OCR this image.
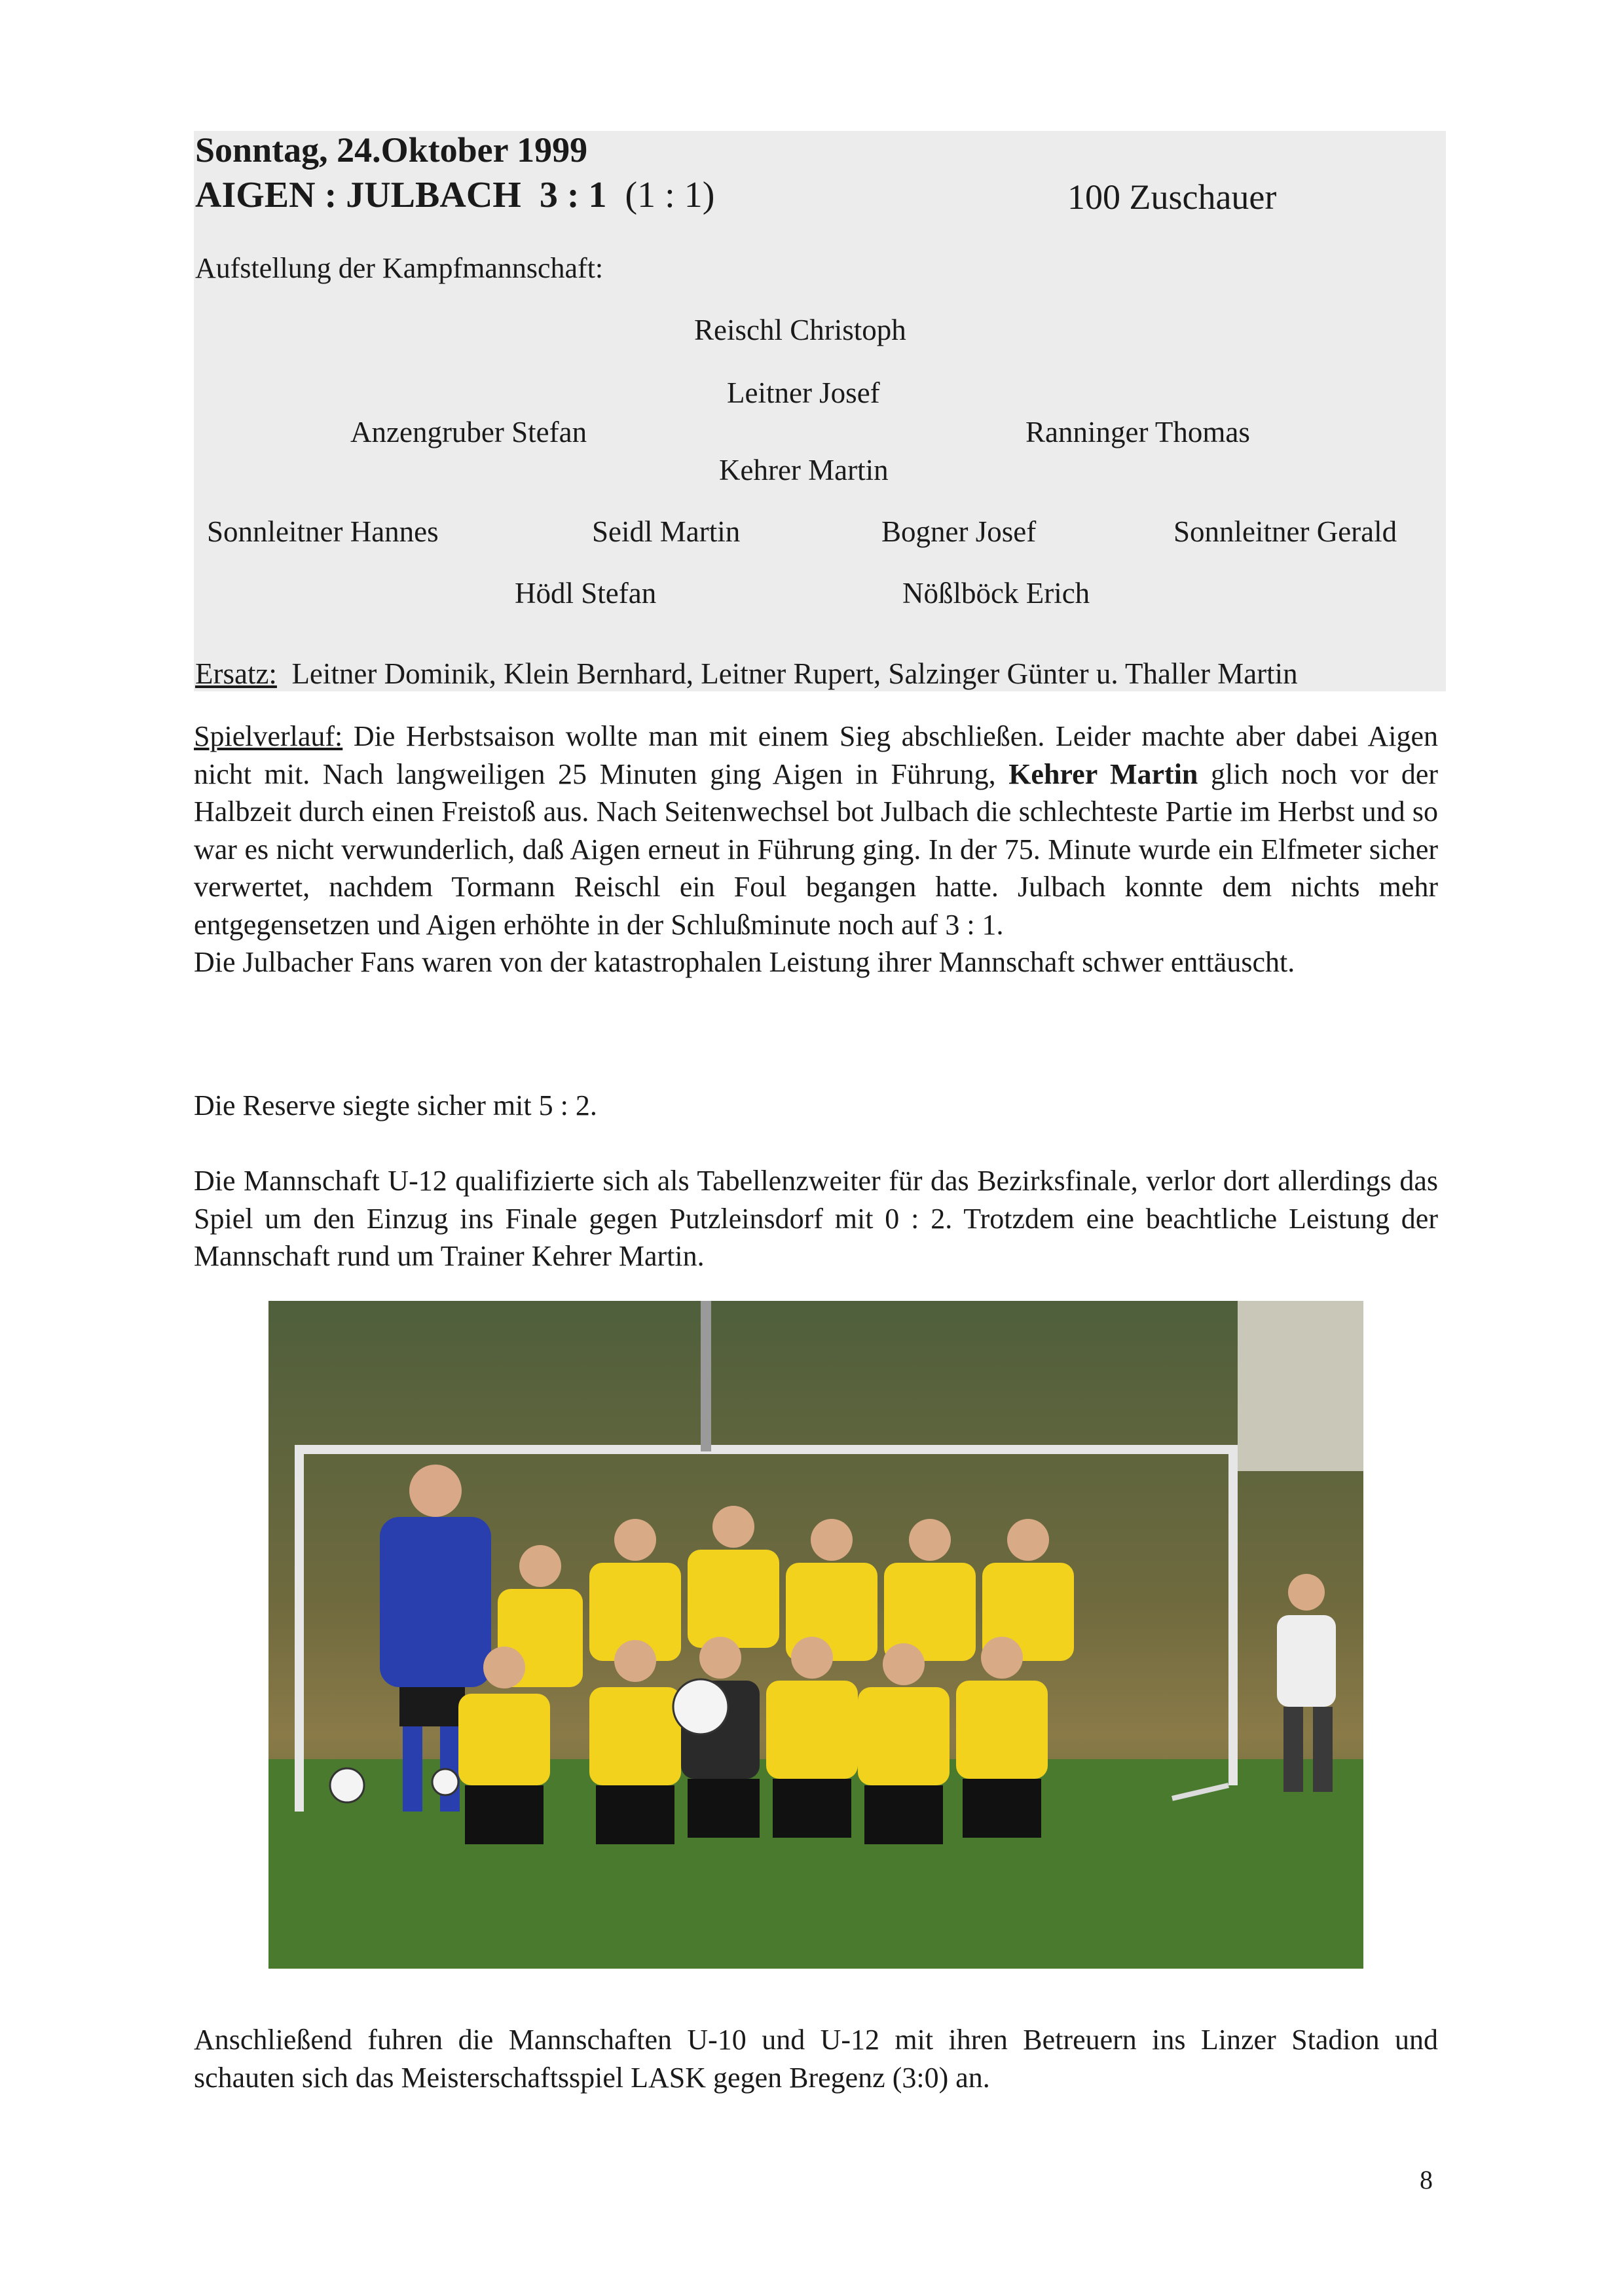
Sonntag, 24.Oktober 1999
AIGEN : JULBACH 3 : 1 (1 : 1)	100 Zuschauer
Aufstellung der Kampfmannschaft:
Reischl Christoph
Leitner Josef
Anzengruber Stefan	Ranninger Thomas
Kehrer Martin
Sonnleitner Hannes	Seidl Martin	Bogner Josef	Sonnleitner Gerald
Hödl Stefan	Nößlböck Erich
Ersatz: Leitner Dominik, Klein Bernhard, Leitner Rupert, Salzinger Günter u. Thaller Martin

Spielverlauf: Die Herbstsaison wollte man mit einem Sieg abschließen. Leider machte aber dabei Aigen nicht mit. Nach langweiligen 25 Minuten ging Aigen in Führung, Kehrer Martin glich noch vor der Halbzeit durch einen Freistoß aus. Nach Seitenwechsel bot Julbach die schlechteste Partie im Herbst und so war es nicht verwunderlich, daß Aigen erneut in Führung ging. In der 75. Minute wurde ein Elfmeter sicher verwertet, nachdem Tormann Reischl ein Foul begangen hatte. Julbach konnte dem nichts mehr entgegensetzen und Aigen erhöhte in der Schlußminute noch auf 3 : 1.
Die Julbacher Fans waren von der katastrophalen Leistung ihrer Mannschaft schwer enttäuscht.

Die Reserve siegte sicher mit 5 : 2.

Die Mannschaft U-12 qualifizierte sich als Tabellenzweiter für das Bezirksfinale, verlor dort allerdings das Spiel um den Einzug ins Finale gegen Putzleinsdorf mit 0 : 2. Trotzdem eine beachtliche Leistung der Mannschaft rund um Trainer Kehrer Martin.

Anschließend fuhren die Mannschaften U-10 und U-12 mit ihren Betreuern ins Linzer Stadion und schauten sich das Meisterschaftsspiel LASK gegen Bregenz (3:0) an.

8
